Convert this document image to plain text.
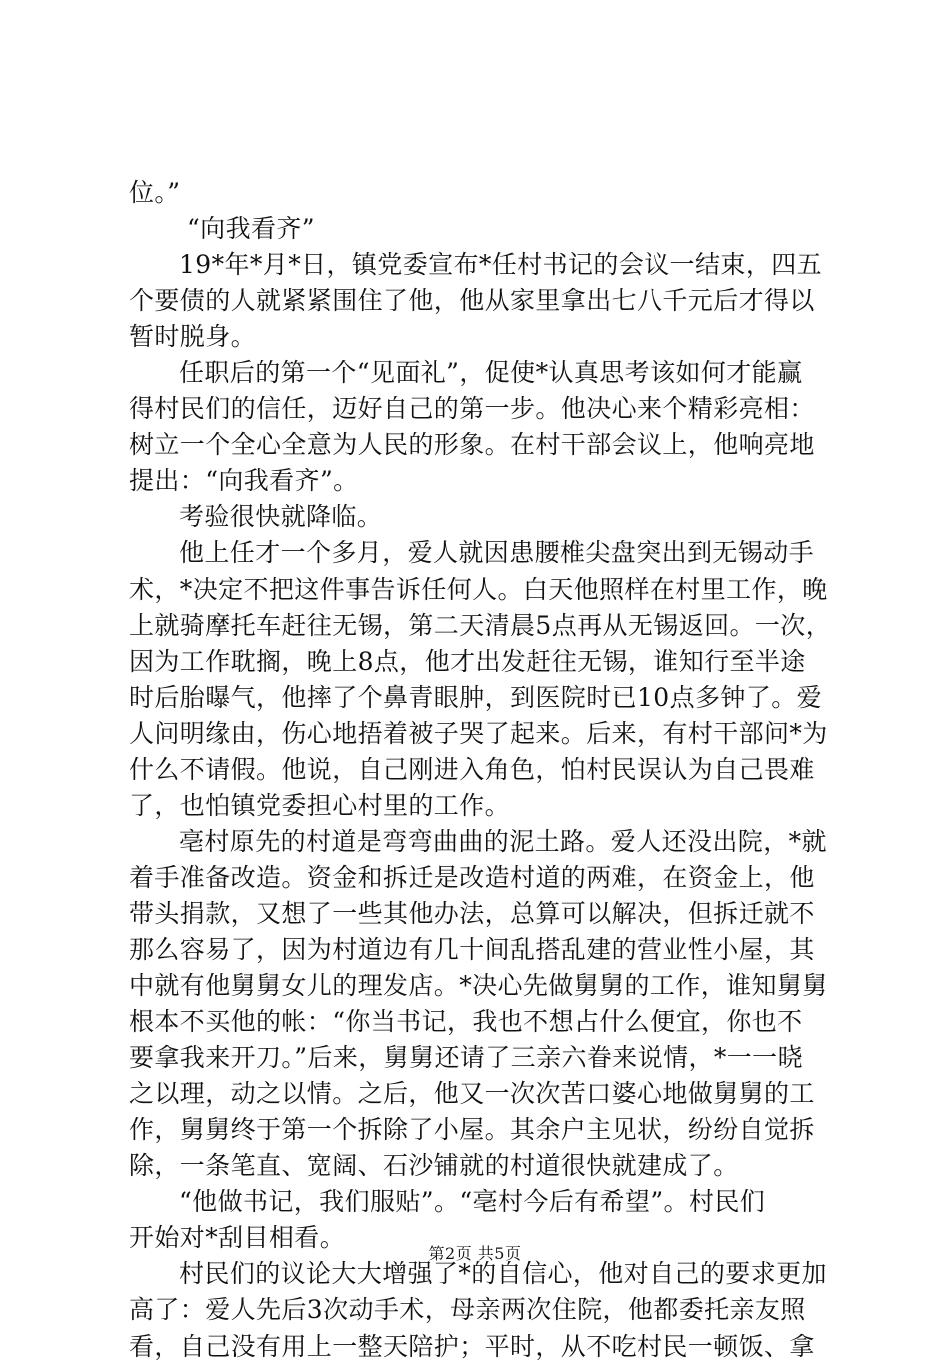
位。”
“向我看齐”
19*年*月*日，镇党委宣布*任村书记的会议一结束，四五
个要债的人就紧紧围住了他，他从家里拿出七八千元后才得以
暂时脱身。
任职后的第一个“见面礼”，促使*认真思考该如何才能赢
得村民们的信任，迈好自己的第一步。他决心来个精彩亮相：
树立一个全心全意为人民的形象。在村干部会议上，他响亮地
提出：“向我看齐”。
考验很快就降临。
他上任才一个多月，爱人就因患腰椎尖盘突出到无锡动手
术，*决定不把这件事告诉任何人。白天他照样在村里工作，晚
上就骑摩托车赶往无锡，第二天清晨5点再从无锡返回。一次，
因为工作耽搁，晚上8点，他才出发赶往无锡，谁知行至半途
时后胎曝气，他摔了个鼻青眼肿，到医院时已10点多钟了。爱
人问明缘由，伤心地捂着被子哭了起来。后来，有村干部问*为
什么不请假。他说，自己刚进入角色，怕村民误认为自己畏难
了，也怕镇党委担心村里的工作。
亳村原先的村道是弯弯曲曲的泥土路。爱人还没出院，*就
着手准备改造。资金和拆迁是改造村道的两难，在资金上，他
带头捐款，又想了一些其他办法，总算可以解决，但拆迁就不
那么容易了，因为村道边有几十间乱搭乱建的营业性小屋，其
中就有他舅舅女儿的理发店。*决心先做舅舅的工作，谁知舅舅
根本不买他的帐：“你当书记，我也不想占什么便宜，你也不
要拿我来开刀。”后来，舅舅还请了三亲六眷来说情，*一一晓
之以理，动之以情。之后，他又一次次苦口婆心地做舅舅的工
作，舅舅终于第一个拆除了小屋。其余户主见状，纷纷自觉拆
除，一条笔直、宽阔、石沙铺就的村道很快就建成了。
“他做书记，我们服贴”。“亳村今后有希望”。村民们
开始对*刮目相看。
村民们的议论大大增强了*的自信心，他对自己的要求更加
高了：爱人先后3次动手术，母亲两次住院，他都委托亲友照
看，自己没有用上一整天陪护；平时，从不吃村民一顿饭、拿
第2页 共5页
